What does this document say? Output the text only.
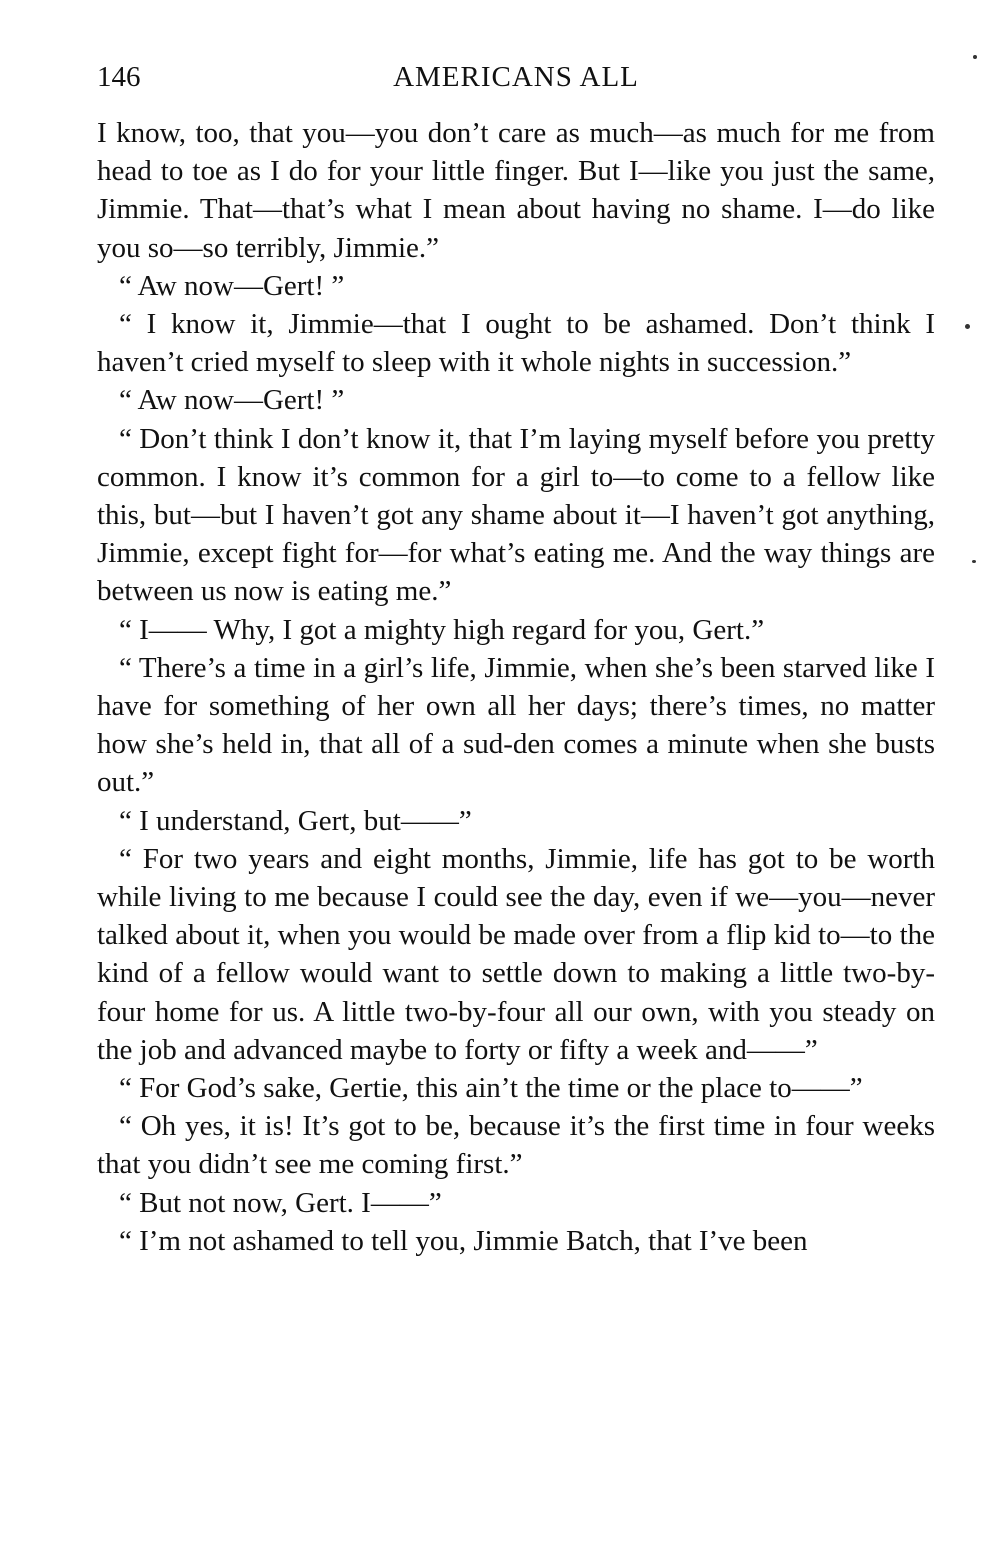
146	AMERICANS ALL

I know, too, that you—you don’t care as much—as much for me from head to toe as I do for your little finger. But I—like you just the same, Jimmie. That—that’s what I mean about having no shame. I—do like you so—so terribly, Jimmie.”

“ Aw now—Gert! ”

“ I know it, Jimmie—that I ought to be ashamed. Don’t think I haven’t cried myself to sleep with it whole nights in succession.”

“ Aw now—Gert! ”

“ Don’t think I don’t know it, that I’m laying myself before you pretty common. I know it’s common for a girl to—to come to a fellow like this, but—but I haven’t got any shame about it—I haven’t got anything, Jimmie, except fight for—for what’s eating me. And the way things are between us now is eating me.”

“ I—— Why, I got a mighty high regard for you, Gert.”

“ There’s a time in a girl’s life, Jimmie, when she’s been starved like I have for something of her own all her days; there’s times, no matter how she’s held in, that all of a sud-den comes a minute when she busts out.”

“ I understand, Gert, but——”

“ For two years and eight months, Jimmie, life has got to be worth while living to me because I could see the day, even if we—you—never talked about it, when you would be made over from a flip kid to—to the kind of a fellow would want to settle down to making a little two-by-four home for us. A little two-by-four all our own, with you steady on the job and advanced maybe to forty or fifty a week and——”

“ For God’s sake, Gertie, this ain’t the time or the place to——”

“ Oh yes, it is! It’s got to be, because it’s the first time in four weeks that you didn’t see me coming first.”

“ But not now, Gert. I——”

“ I’m not ashamed to tell you, Jimmie Batch, that I’ve been
